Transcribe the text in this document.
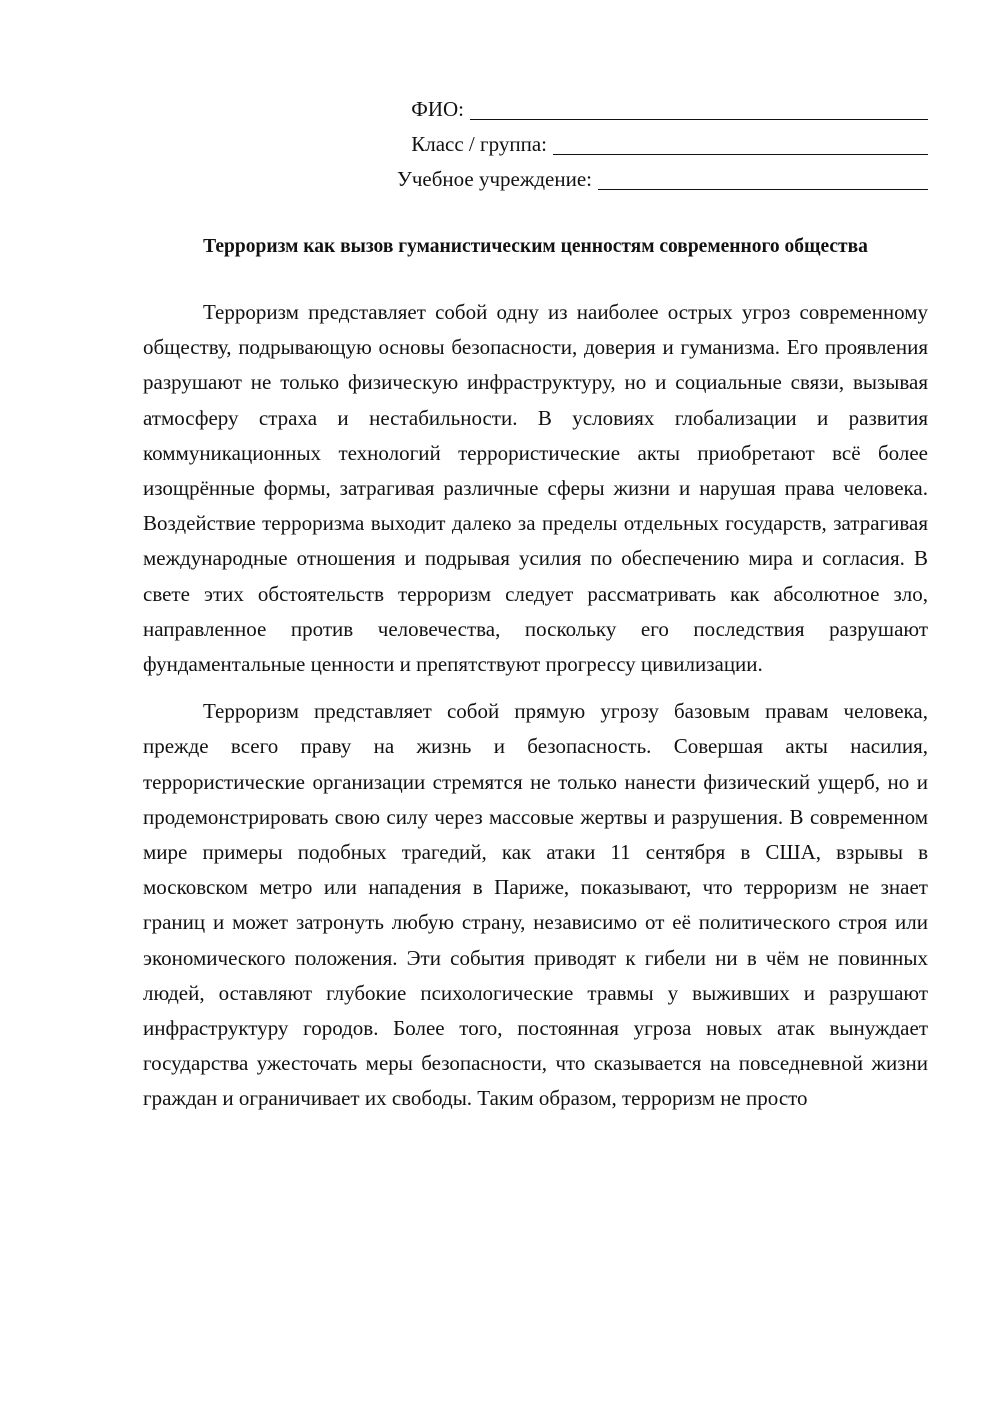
ФИО:
Класс / группа:
Учебное учреждение:
Терроризм как вызов гуманистическим ценностям современного общества

Терроризм представляет собой одну из наиболее острых угроз современному обществу, подрывающую основы безопасности, доверия и гуманизма. Его проявления разрушают не только физическую инфраструктуру, но и социальные связи, вызывая атмосферу страха и нестабильности. В условиях глобализации и развития коммуникационных технологий террористические акты приобретают всё более изощрённые формы, затрагивая различные сферы жизни и нарушая права человека. Воздействие терроризма выходит далеко за пределы отдельных государств, затрагивая международные отношения и подрывая усилия по обеспечению мира и согласия. В свете этих обстоятельств терроризм следует рассматривать как абсолютное зло, направленное против человечества, поскольку его последствия разрушают фундаментальные ценности и препятствуют прогрессу цивилизации.

Терроризм представляет собой прямую угрозу базовым правам человека, прежде всего праву на жизнь и безопасность. Совершая акты насилия, террористические организации стремятся не только нанести физический ущерб, но и продемонстрировать свою силу через массовые жертвы и разрушения. В современном мире примеры подобных трагедий, как атаки 11 сентября в США, взрывы в московском метро или нападения в Париже, показывают, что терроризм не знает границ и может затронуть любую страну, независимо от её политического строя или экономического положения. Эти события приводят к гибели ни в чём не повинных людей, оставляют глубокие психологические травмы у выживших и разрушают инфраструктуру городов. Более того, постоянная угроза новых атак вынуждает государства ужесточать меры безопасности, что сказывается на повседневной жизни граждан и ограничивает их свободы. Таким образом, терроризм не просто
